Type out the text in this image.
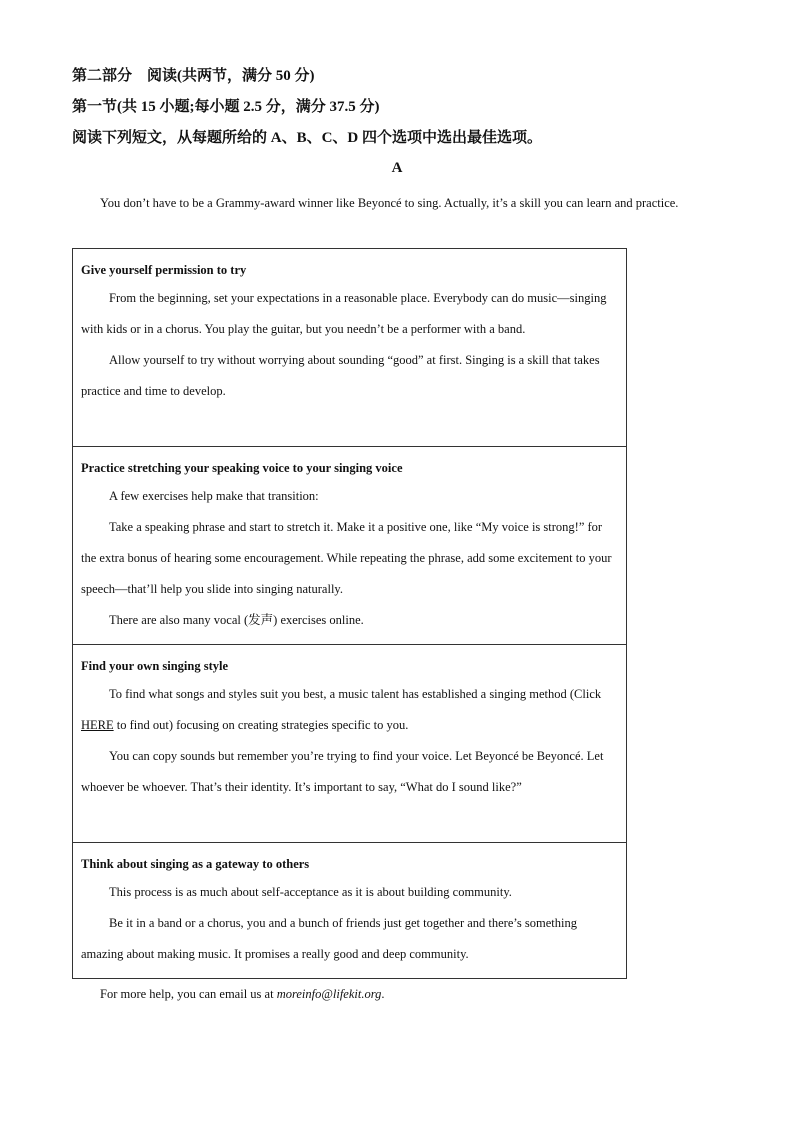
第二部分　阅读(共两节，满分 50 分)
第一节(共 15 小题;每小题 2.5 分，满分 37.5 分)
阅读下列短文，从每题所给的 A、B、C、D 四个选项中选出最佳选项。
A
You don’t have to be a Grammy-award winner like Beyoncé to sing. Actually, it’s a skill you can learn and practice.

Give yourself permission to try

From the beginning, set your expectations in a reasonable place. Everybody can do music—singing with kids or in a chorus. You play the guitar, but you needn’t be a performer with a band.

Allow yourself to try without worrying about sounding “good” at first. Singing is a skill that takes practice and time to develop.

Practice stretching your speaking voice to your singing voice

A few exercises help make that transition:

Take a speaking phrase and start to stretch it. Make it a positive one, like “My voice is strong!” for the extra bonus of hearing some encouragement. While repeating the phrase, add some excitement to your speech—that’ll help you slide into singing naturally.

There are also many vocal (发声) exercises online.

Find your own singing style

To find what songs and styles suit you best, a music talent has established a singing method (Click HERE to find out) focusing on creating strategies specific to you.

You can copy sounds but remember you’re trying to find your voice. Let Beyoncé be Beyoncé. Let whoever be whoever. That’s their identity. It’s important to say, “What do I sound like?”

Think about singing as a gateway to others

This process is as much about self-acceptance as it is about building community.

Be it in a band or a chorus, you and a bunch of friends just get together and there’s something amazing about making music. It promises a really good and deep community.

For more help, you can email us at moreinfo@lifekit.org.
